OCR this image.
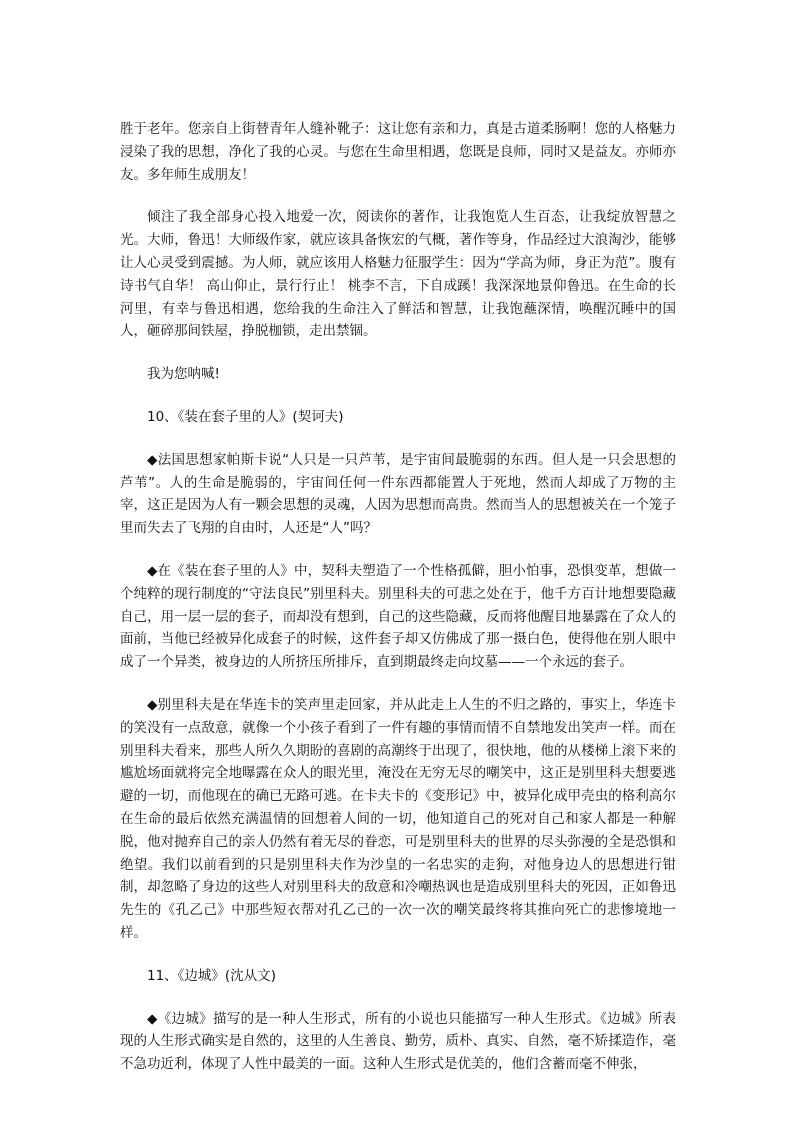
胜于老年。您亲自上街替青年人缝补靴子：这让您有亲和力，真是古道柔肠啊！您的人格魅力浸染了我的思想，净化了我的心灵。与您在生命里相遇，您既是良师，同时又是益友。亦师亦友。多年师生成朋友！

倾注了我全部身心投入地爱一次，阅读你的著作，让我饱览人生百态，让我绽放智慧之光。大师，鲁迅！大师级作家，就应该具备恢宏的气概，著作等身，作品经过大浪淘沙，能够让人心灵受到震撼。为人师，就应该用人格魅力征服学生：因为“学高为师，身正为范”。腹有诗书气自华！ 高山仰止，景行行止！ 桃李不言，下自成蹊！我深深地景仰鲁迅。在生命的长河里，有幸与鲁迅相遇，您给我的生命注入了鲜活和智慧，让我饱蘸深情，唤醒沉睡中的国人，砸碎那间铁屋，挣脱枷锁，走出禁锢。

我为您呐喊!

10、《装在套子里的人》(契诃夫)

◆法国思想家帕斯卡说“人只是一只芦苇，是宇宙间最脆弱的东西。但人是一只会思想的芦苇”。人的生命是脆弱的，宇宙间任何一件东西都能置人于死地，然而人却成了万物的主宰，这正是因为人有一颗会思想的灵魂，人因为思想而高贵。然而当人的思想被关在一个笼子里而失去了飞翔的自由时，人还是“人”吗？

◆在《装在套子里的人》中，契科夫塑造了一个性格孤僻，胆小怕事，恐惧变革，想做一个纯粹的现行制度的“守法良民”别里科夫。别里科夫的可悲之处在于，他千方百计地想要隐藏自己，用一层一层的套子，而却没有想到，自己的这些隐藏，反而将他醒目地暴露在了众人的面前，当他已经被异化成套子的时候，这件套子却又仿佛成了那一摄白色，使得他在别人眼中成了一个异类，被身边的人所挤压所排斥，直到期最终走向坟墓——一个永远的套子。

◆别里科夫是在华连卡的笑声里走回家，并从此走上人生的不归之路的，事实上，华连卡的笑没有一点敌意，就像一个小孩子看到了一件有趣的事情而情不自禁地发出笑声一样。而在别里科夫看来，那些人所久久期盼的喜剧的高潮终于出现了，很快地，他的从楼梯上滚下来的尴尬场面就将完全地曝露在众人的眼光里，淹没在无穷无尽的嘲笑中，这正是别里科夫想要逃避的一切，而他现在的确已无路可逃。在卡夫卡的《变形记》中，被异化成甲壳虫的格利高尔在生命的最后依然充满温情的回想着人间的一切，他知道自己的死对自己和家人都是一种解脱，他对抛弃自己的亲人仍然有着无尽的眷恋，可是别里科夫的世界的尽头弥漫的全是恐惧和绝望。我们以前看到的只是别里科夫作为沙皇的一名忠实的走狗，对他身边人的思想进行钳制，却忽略了身边的这些人对别里科夫的敌意和冷嘲热讽也是造成别里科夫的死因，正如鲁迅先生的《孔乙己》中那些短衣帮对孔乙己的一次一次的嘲笑最终将其推向死亡的悲惨境地一样。

11、《边城》(沈从文)

◆《边城》描写的是一种人生形式，所有的小说也只能描写一种人生形式。《边城》所表现的人生形式确实是自然的，这里的人生善良、勤劳，质朴、真实、自然，毫不矫揉造作，毫不急功近利，体现了人性中最美的一面。这种人生形式是优美的，他们含蓄而毫不伸张，
